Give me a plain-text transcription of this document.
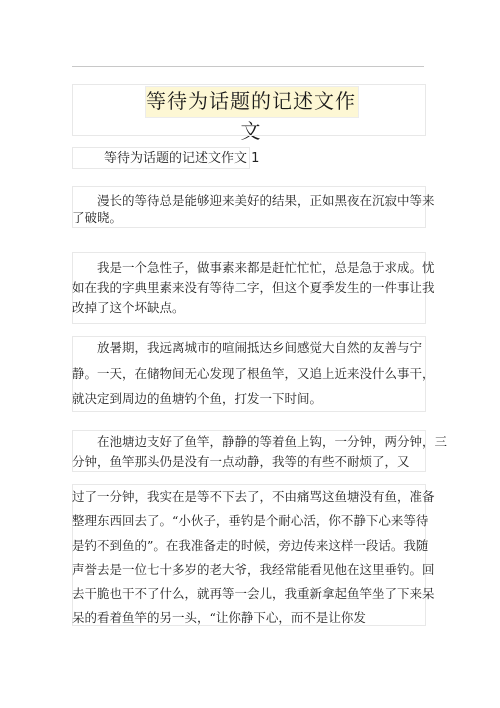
等待为话题的记述文作文
等待为话题的记述文作文 1
　　漫长的等待总是能够迎来美好的结果，正如黑夜在沉寂中等来
了破晓。
　　我是一个急性子，做事素来都是赶忙忙忙，总是急于求成。忧
如在我的字典里素来没有等待二字，但这个夏季发生的一件事让我
改掉了这个坏缺点。
　　放暑期，我远离城市的喧闹抵达乡间感觉大自然的友善与宁
静。一天，在储物间无心发现了根鱼竿，又追上近来没什么事干，
就决定到周边的鱼塘钓个鱼，打发一下时间。
　　在池塘边支好了鱼竿，静静的等着鱼上钩，一分钟，两分钟，三
分钟，鱼竿那头仍是没有一点动静，我等的有些不耐烦了，又
过了一分钟，我实在是等不下去了，不由痛骂这鱼塘没有鱼，准备
整理东西回去了。“小伙子，垂钓是个耐心活，你不静下心来等待
是钓不到鱼的”。在我准备走的时候，旁边传来这样一段话。我随
声誉去是一位七十多岁的老大爷，我经常能看见他在这里垂钓。回
去干脆也干不了什么，就再等一会儿，我重新拿起鱼竿坐了下来呆
呆的看着鱼竿的另一头，“让你静下心，而不是让你发
